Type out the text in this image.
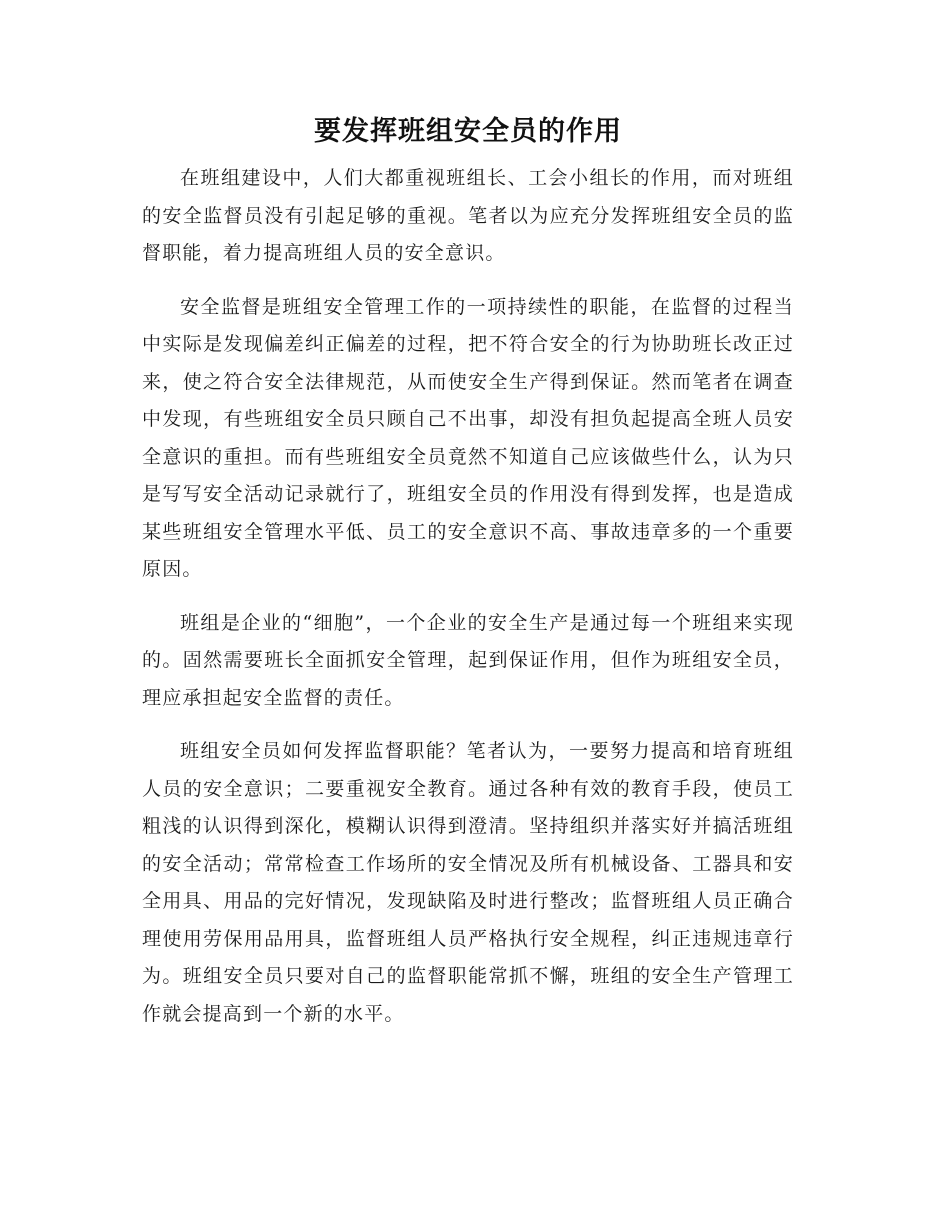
要发挥班组安全员的作用

在班组建设中，人们大都重视班组长、工会小组长的作用，而对班组的安全监督员没有引起足够的重视。笔者以为应充分发挥班组安全员的监督职能，着力提高班组人员的安全意识。

安全监督是班组安全管理工作的一项持续性的职能，在监督的过程当中实际是发现偏差纠正偏差的过程，把不符合安全的行为协助班长改正过来，使之符合安全法律规范，从而使安全生产得到保证。然而笔者在调查中发现，有些班组安全员只顾自己不出事，却没有担负起提高全班人员安全意识的重担。而有些班组安全员竟然不知道自己应该做些什么，认为只是写写安全活动记录就行了，班组安全员的作用没有得到发挥，也是造成某些班组安全管理水平低、员工的安全意识不高、事故违章多的一个重要原因。

班组是企业的“细胞”，一个企业的安全生产是通过每一个班组来实现的。固然需要班长全面抓安全管理，起到保证作用，但作为班组安全员，理应承担起安全监督的责任。

班组安全员如何发挥监督职能？笔者认为，一要努力提高和培育班组人员的安全意识；二要重视安全教育。通过各种有效的教育手段，使员工粗浅的认识得到深化，模糊认识得到澄清。坚持组织并落实好并搞活班组的安全活动；常常检查工作场所的安全情况及所有机械设备、工器具和安全用具、用品的完好情况，发现缺陷及时进行整改；监督班组人员正确合理使用劳保用品用具，监督班组人员严格执行安全规程，纠正违规违章行为。班组安全员只要对自己的监督职能常抓不懈，班组的安全生产管理工作就会提高到一个新的水平。
